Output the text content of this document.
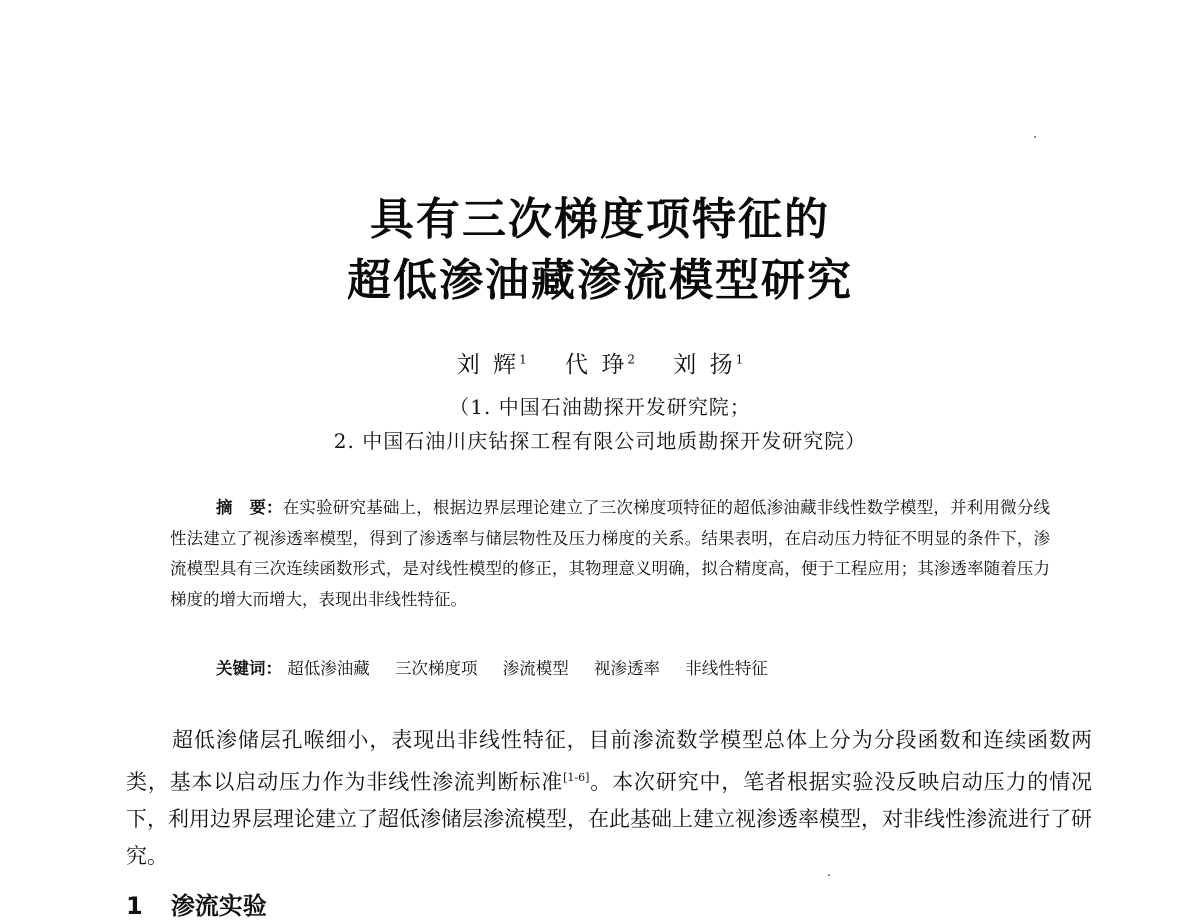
具有三次梯度项特征的
超低渗油藏渗流模型研究
刘 辉$^1$ 代 琤$^2$ 刘 扬$^1$
（1. 中国石油勘探开发研究院；
2. 中国石油川庆钻探工程有限公司地质勘探开发研究院）
摘　要：在实验研究基础上，根据边界层理论建立了三次梯度项特征的超低渗油藏非线性数学模型，并利用微分线性法建立了视渗透率模型，得到了渗透率与储层物性及压力梯度的关系。结果表明，在启动压力特征不明显的条件下，渗流模型具有三次连续函数形式，是对线性模型的修正，其物理意义明确，拟合精度高，便于工程应用；其渗透率随着压力梯度的增大而增大，表现出非线性特征。
关键词： 超低渗油藏 三次梯度项 渗流模型 视渗透率 非线性特征
超低渗储层孔喉细小，表现出非线性特征，目前渗流数学模型总体上分为分段函数和连续函数两类，基本以启动压力作为非线性渗流判断标准[1-6]。本次研究中，笔者根据实验没反映启动压力的情况下，利用边界层理论建立了超低渗储层渗流模型，在此基础上建立视渗透率模型，对非线性渗流进行了研究。
1 渗流实验
